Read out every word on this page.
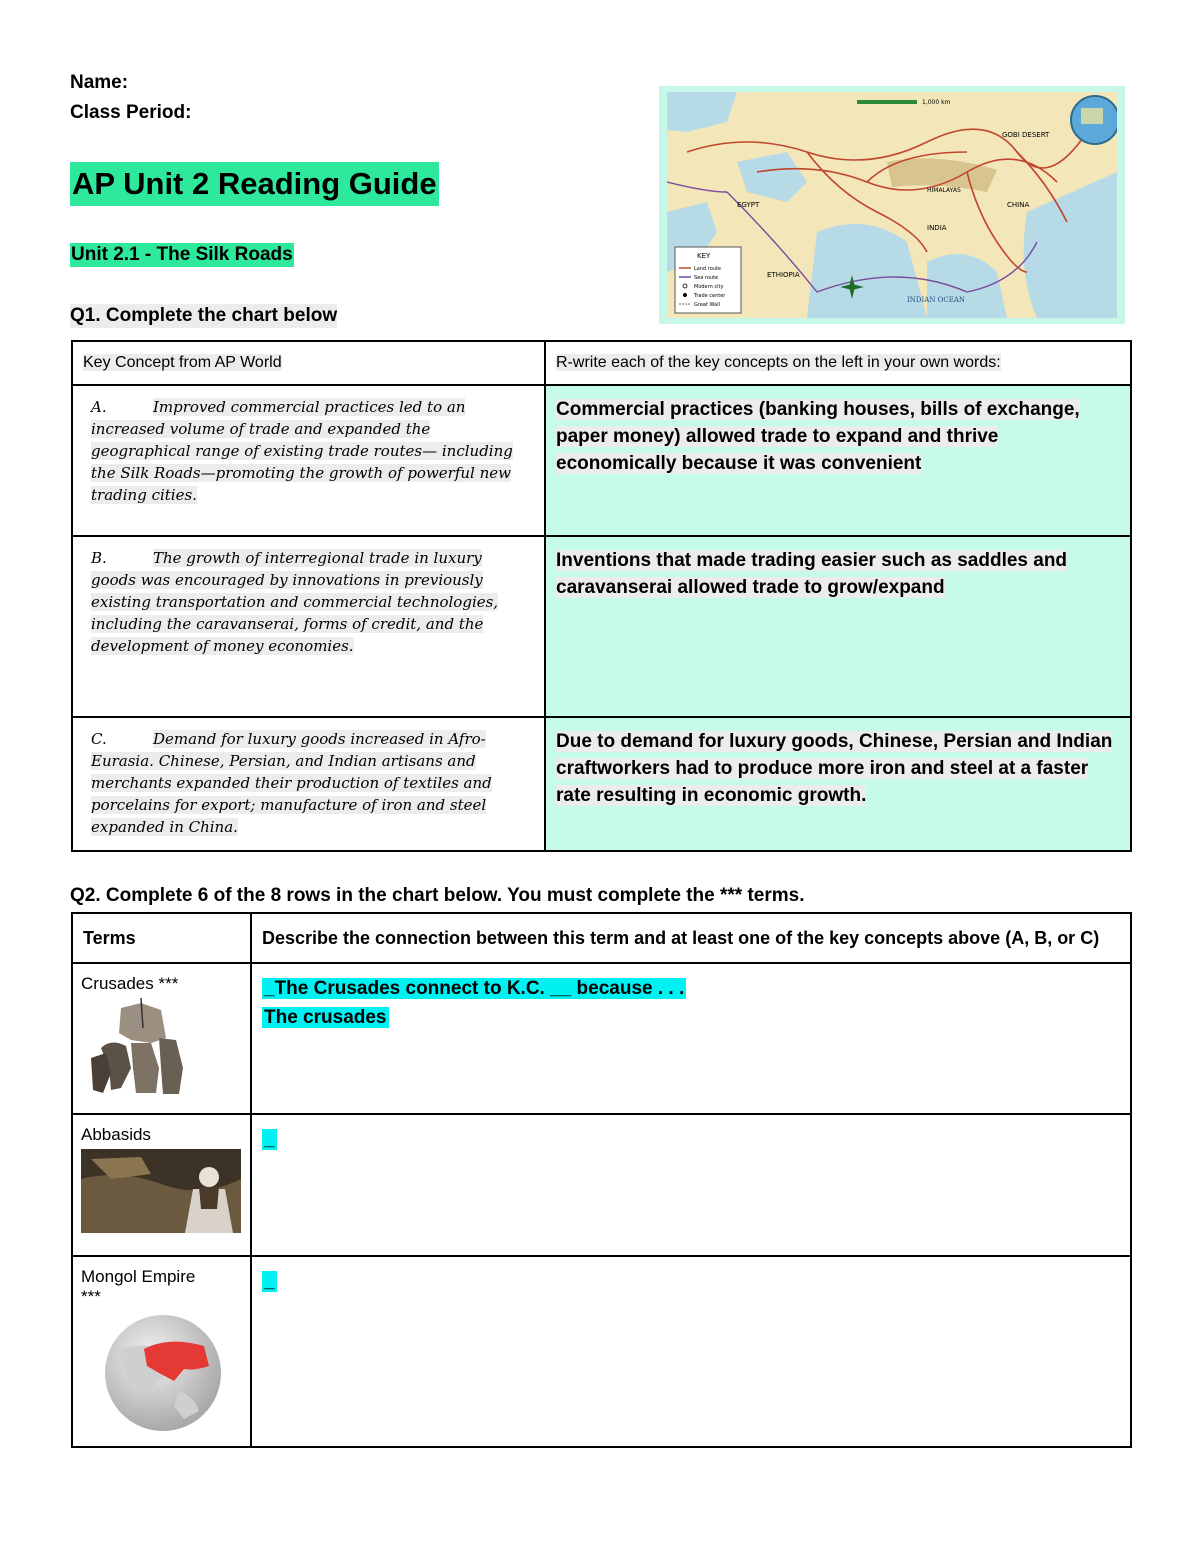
Name:
Class Period:
AP Unit 2 Reading Guide
Unit 2.1 - The Silk Roads
Q1. Complete the chart below
1,000 km
INDIAN OCEAN
CHINA
INDIA
EGYPT
ETHIOPIA
GOBI DESERT
HIMALAYAS
KEY
Land route
Sea route
Modern city
Trade center
Great Wall
Key Concept from AP World	R-write each of the key concepts on the left in your own words:
A. Improved commercial practices led to an increased volume of trade and expanded the geographical range of existing trade routes— including the Silk Roads—promoting the growth of powerful new trading cities.	Commercial practices (banking houses, bills of exchange, paper money) allowed trade to expand and thrive economically because it was convenient
B. The growth of interregional trade in luxury goods was encouraged by innovations in previously existing transportation and commercial technologies, including the caravanserai, forms of credit, and the development of money economies.	Inventions that made trading easier such as saddles and caravanserai allowed trade to grow/expand
C. Demand for luxury goods increased in Afro-Eurasia. Chinese, Persian, and Indian artisans and merchants expanded their production of textiles and porcelains for export; manufacture of iron and steel expanded in China.	Due to demand for luxury goods, Chinese, Persian and Indian craftworkers had to produce more iron and steel at a faster rate resulting in economic growth.
Q2. Complete 6 of the 8 rows in the chart below. You must complete the *** terms.
Terms	Describe the connection between this term and at least one of the key concepts above (A, B, or C)
Crusades ***	_The Crusades connect to K.C. __ because . . .
The crusades

Abbasids	_

Mongol Empire
***	_
